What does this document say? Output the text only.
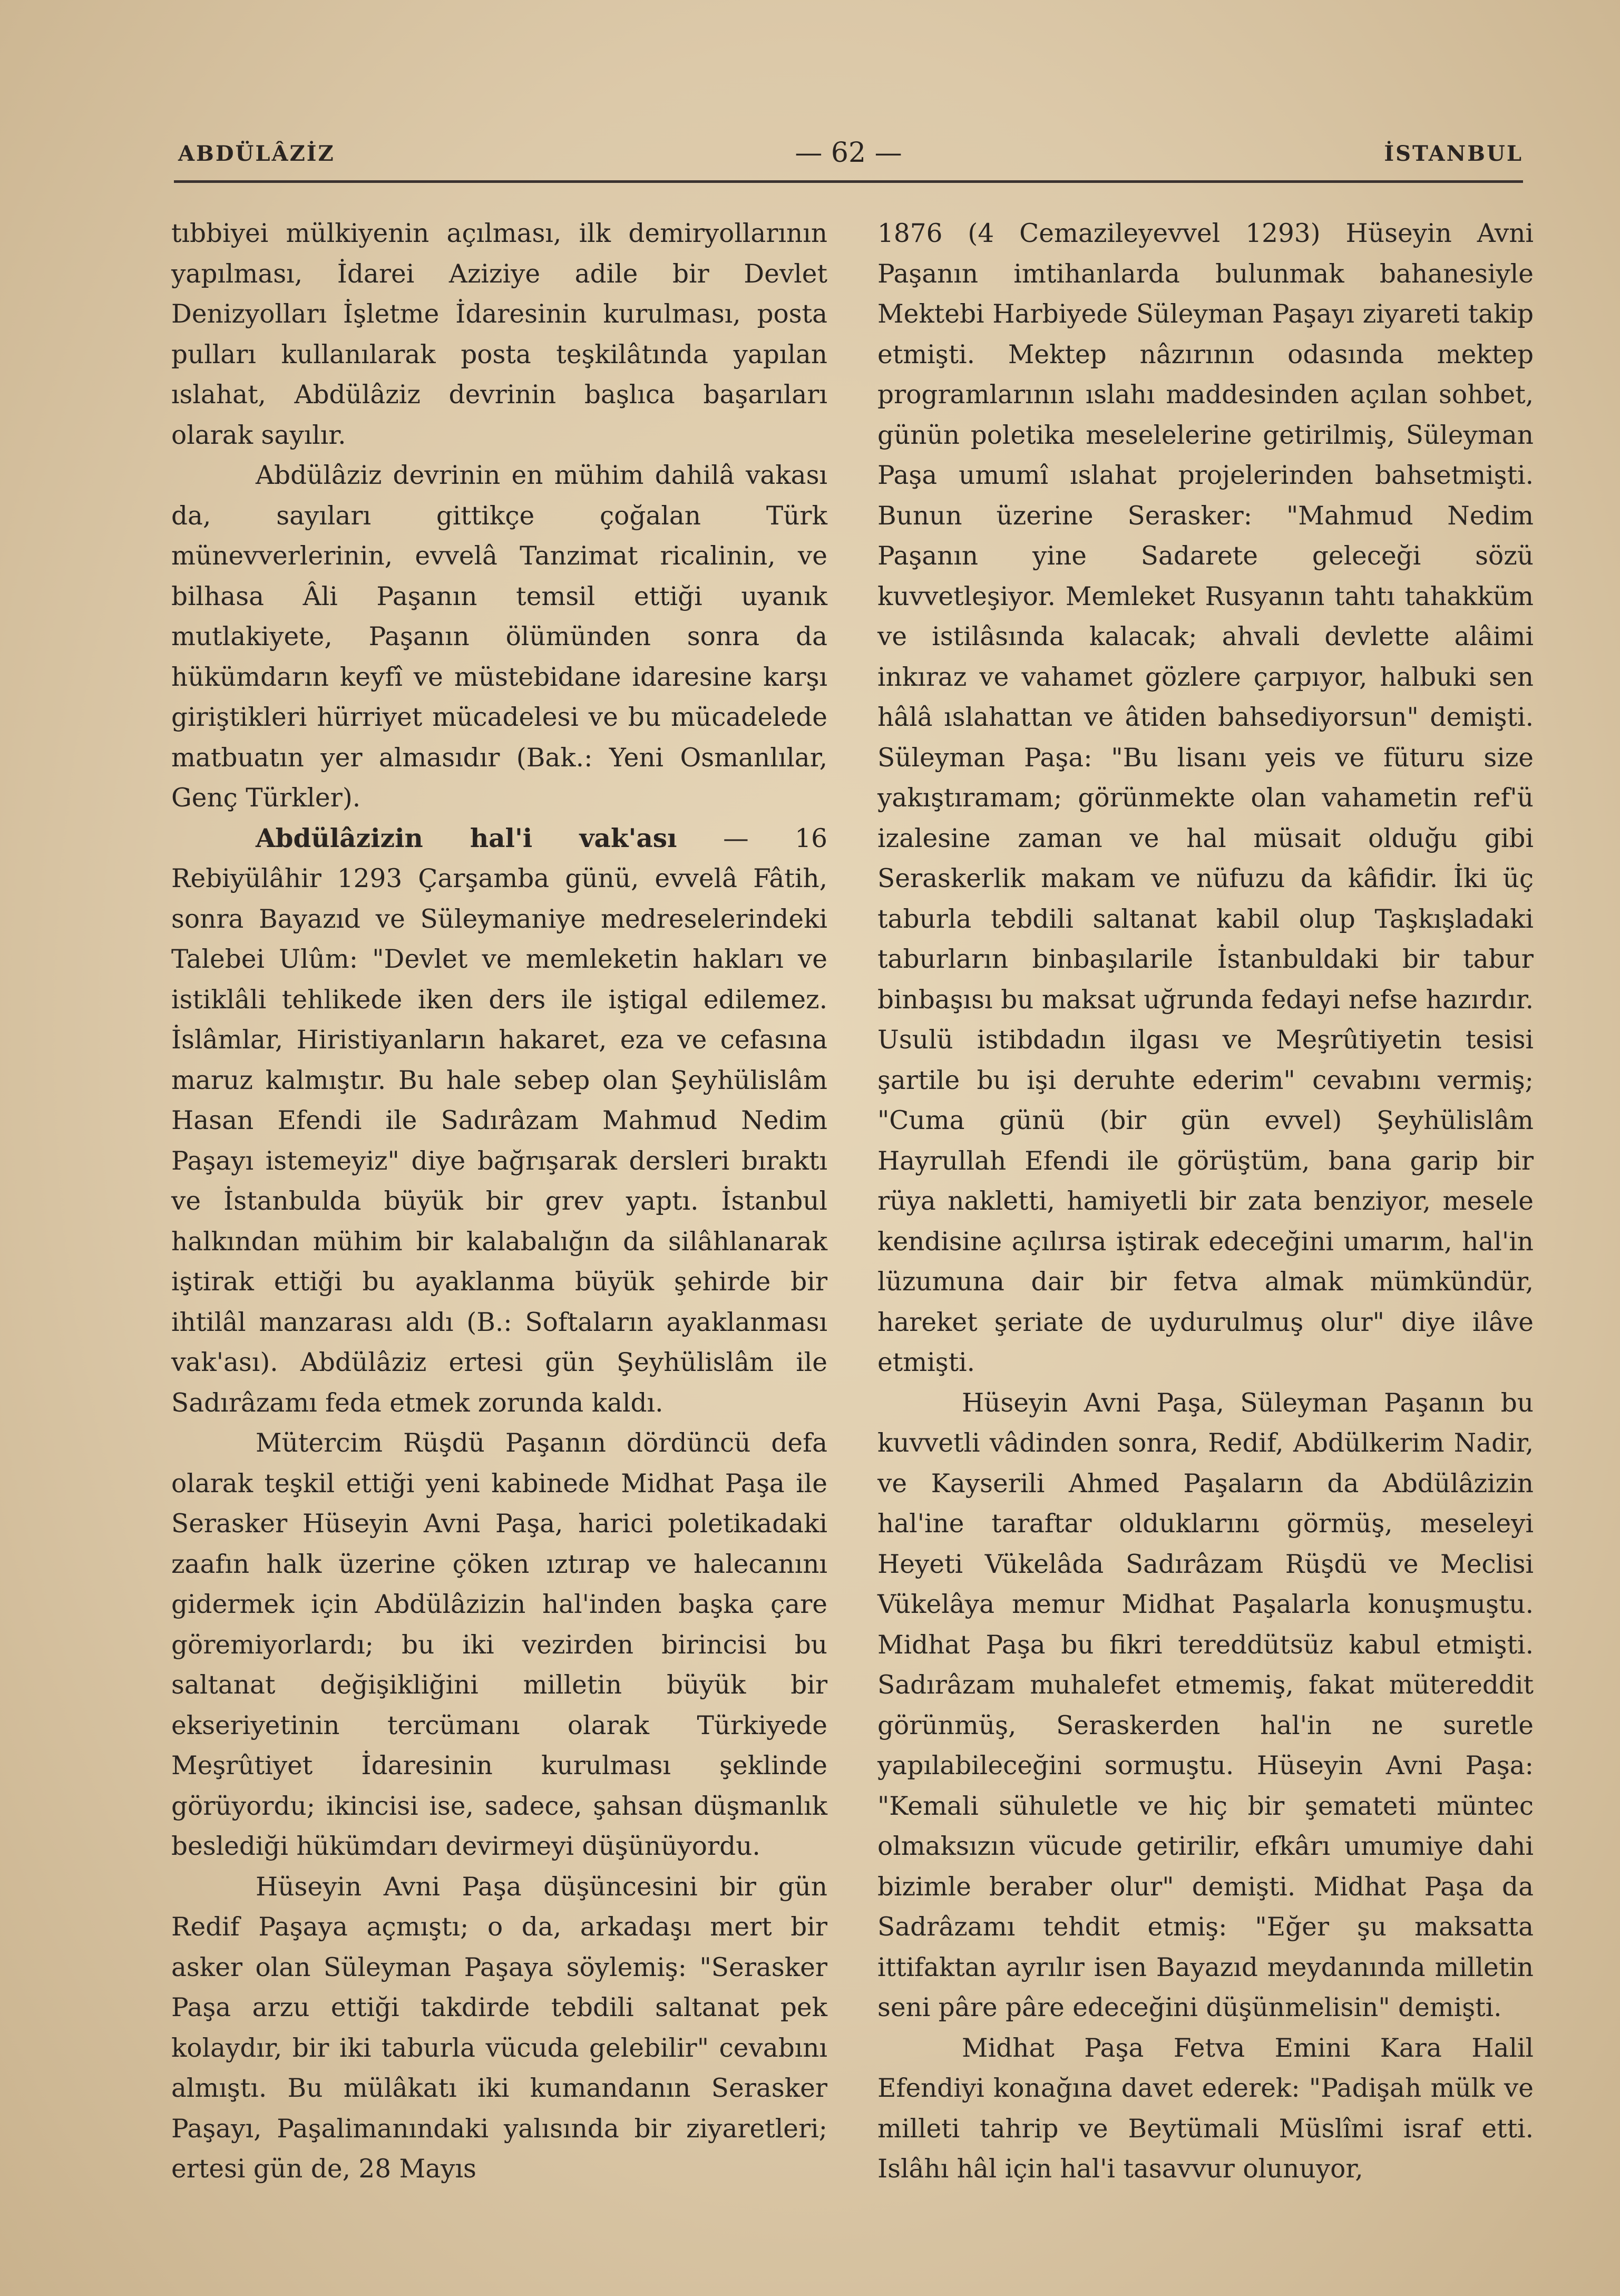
ABDÜLÂZİZ	— 62 —	İSTANBUL

tıbbiyei mülkiyenin açılması, ilk demiryollarının yapılması, İdarei Aziziye adile bir Devlet Denizyolları İşletme İdaresinin kurulması, posta pulları kullanılarak posta teşkilâtında yapılan ıslahat, Abdülâziz devrinin başlıca başarıları olarak sayılır.

Abdülâziz devrinin en mühim dahilâ vakası da, sayıları gittikçe çoğalan Türk münevverlerinin, evvelâ Tanzimat ricalinin, ve bilhasa Âli Paşanın temsil ettiği uyanık mutlakiyete, Paşanın ölümünden sonra da hükümdarın keyfî ve müstebidane idaresine karşı giriştikleri hürriyet mücadelesi ve bu mücadelede matbuatın yer almasıdır (Bak.: Yeni Osmanlılar, Genç Türkler).

Abdülâzizin hal'i vak'ası — 16 Rebiyülâhir 1293 Çarşamba günü, evvelâ Fâtih, sonra Bayazıd ve Süleymaniye medreselerindeki Talebei Ulûm: "Devlet ve memleketin hakları ve istiklâli tehlikede iken ders ile iştigal edilemez. İslâmlar, Hiristiyanların hakaret, eza ve cefasına maruz kalmıştır. Bu hale sebep olan Şeyhülislâm Hasan Efendi ile Sadırâzam Mahmud Nedim Paşayı istemeyiz" diye bağrışarak dersleri bıraktı ve İstanbulda büyük bir grev yaptı. İstanbul halkından mühim bir kalabalığın da silâhlanarak iştirak ettiği bu ayaklanma büyük şehirde bir ihtilâl manzarası aldı (B.: Softaların ayaklanması vak'ası). Abdülâziz ertesi gün Şeyhülislâm ile Sadırâzamı feda etmek zorunda kaldı.

Mütercim Rüşdü Paşanın dördüncü defa olarak teşkil ettiği yeni kabinede Midhat Paşa ile Serasker Hüseyin Avni Paşa, harici poletikadaki zaafın halk üzerine çöken ıztırap ve halecanını gidermek için Abdülâzizin hal'inden başka çare göremiyorlardı; bu iki vezirden birincisi bu saltanat değişikliğini milletin büyük bir ekseriyetinin tercümanı olarak Türkiyede Meşrûtiyet İdaresinin kurulması şeklinde görüyordu; ikincisi ise, sadece, şahsan düşmanlık beslediği hükümdarı devirmeyi düşünüyordu.

Hüseyin Avni Paşa düşüncesini bir gün Redif Paşaya açmıştı; o da, arkadaşı mert bir asker olan Süleyman Paşaya söylemiş: "Serasker Paşa arzu ettiği takdirde tebdili saltanat pek kolaydır, bir iki taburla vücuda gelebilir" cevabını almıştı. Bu mülâkatı iki kumandanın Serasker Paşayı, Paşalimanındaki yalısında bir ziyaretleri; ertesi gün de, 28 Mayıs

1876 (4 Cemazileyevvel 1293) Hüseyin Avni Paşanın imtihanlarda bulunmak bahanesiyle Mektebi Harbiyede Süleyman Paşayı ziyareti takip etmişti. Mektep nâzırının odasında mektep programlarının ıslahı maddesinden açılan sohbet, günün poletika meselelerine getirilmiş, Süleyman Paşa umumî ıslahat projelerinden bahsetmişti. Bunun üzerine Serasker: "Mahmud Nedim Paşanın yine Sadarete geleceği sözü kuvvetleşiyor. Memleket Rusyanın tahtı tahakküm ve istilâsında kalacak; ahvali devlette alâimi inkıraz ve vahamet gözlere çarpıyor, halbuki sen hâlâ ıslahattan ve âtiden bahsediyorsun" demişti. Süleyman Paşa: "Bu lisanı yeis ve füturu size yakıştıramam; görünmekte olan vahametin ref'ü izalesine zaman ve hal müsait olduğu gibi Seraskerlik makam ve nüfuzu da kâfidir. İki üç taburla tebdili saltanat kabil olup Taşkışladaki taburların binbaşılarile İstanbuldaki bir tabur binbaşısı bu maksat uğrunda fedayi nefse hazırdır. Usulü istibdadın ilgası ve Meşrûtiyetin tesisi şartile bu işi deruhte ederim" cevabını vermiş; "Cuma günü (bir gün evvel) Şeyhülislâm Hayrullah Efendi ile görüştüm, bana garip bir rüya nakletti, hamiyetli bir zata benziyor, mesele kendisine açılırsa iştirak edeceğini umarım, hal'in lüzumuna dair bir fetva almak mümkündür, hareket şeriate de uydurulmuş olur" diye ilâve etmişti.

Hüseyin Avni Paşa, Süleyman Paşanın bu kuvvetli vâdinden sonra, Redif, Abdülkerim Nadir, ve Kayserili Ahmed Paşaların da Abdülâzizin hal'ine taraftar olduklarını görmüş, meseleyi Heyeti Vükelâda Sadırâzam Rüşdü ve Meclisi Vükelâya memur Midhat Paşalarla konuşmuştu. Midhat Paşa bu fikri tereddütsüz kabul etmişti. Sadırâzam muhalefet etmemiş, fakat mütereddit görünmüş, Seraskerden hal'in ne suretle yapılabileceğini sormuştu. Hüseyin Avni Paşa: "Kemali sühuletle ve hiç bir şemateti müntec olmaksızın vücude getirilir, efkârı umumiye dahi bizimle beraber olur" demişti. Midhat Paşa da Sadrâzamı tehdit etmiş: "Eğer şu maksatta ittifaktan ayrılır isen Bayazıd meydanında milletin seni pâre pâre edeceğini düşünmelisin" demişti.

Midhat Paşa Fetva Emini Kara Halil Efendiyi konağına davet ederek: "Padişah mülk ve milleti tahrip ve Beytümali Müslîmi israf etti. Islâhı hâl için hal'i tasavvur olunuyor,
